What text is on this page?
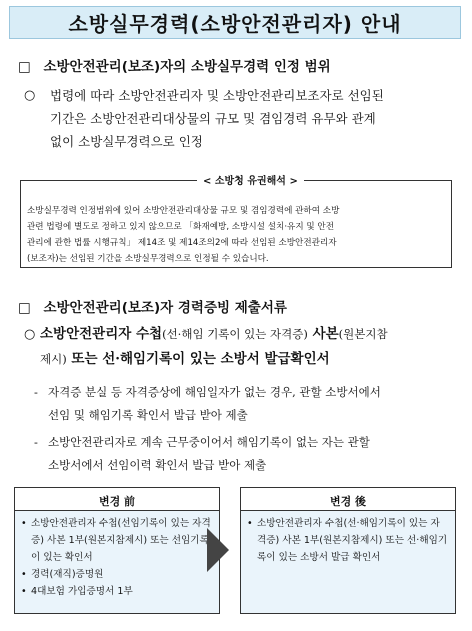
소방실무경력(소방안전관리자) 안내
□ 소방안전관리(보조)자의 소방실무경력 인정 범위
○ 법령에 따라 소방안전관리자 및 소방안전관리보조자로 선임된
기간은 소방안전관리대상물의 규모 및 겸임경력 유무와 관계
없이 소방실무경력으로 인정
< 소방청 유권해석 >
소방실무경력 인정범위에 있어 소방안전관리대상물 규모 및 겸임경력에 관하여 소방
관련 법령에 별도로 정하고 있지 않으므로 「화재예방, 소방시설 설치·유지 및 안전
관리에 관한 법률 시행규칙」 제14조 및 제14조의2에 따라 선임된 소방안전관리자
(보조자)는 선임된 기간을 소방실무경력으로 인정될 수 있습니다.
□ 소방안전관리(보조)자 경력증빙 제출서류
○ 소방안전관리자 수첩(선·해임 기록이 있는 자격증) 사본(원본지참
제시) 또는 선·해임기록이 있는 소방서 발급확인서
- 자격증 분실 등 자격증상에 해임일자가 없는 경우, 관할 소방서에서
선임 및 해임기록 확인서 발급 받아 제출
- 소방안전관리자로 계속 근무중이어서 해임기록이 없는 자는 관할
소방서에서 선임이력 확인서 발급 받아 제출
변경 前
• 소방안전관리자 수첩(선임기록이 있는 자격증) 사본 1부(원본지참제시) 또는 선임기록이 있는 확인서
• 경력(재직)증명원
• 4대보험 가입증명서 1부
변경 後
• 소방안전관리자 수첩(선·해임기록이 있는 자격증) 사본 1부(원본지참제시) 또는 선·해임기록이 있는 소방서 발급 확인서
